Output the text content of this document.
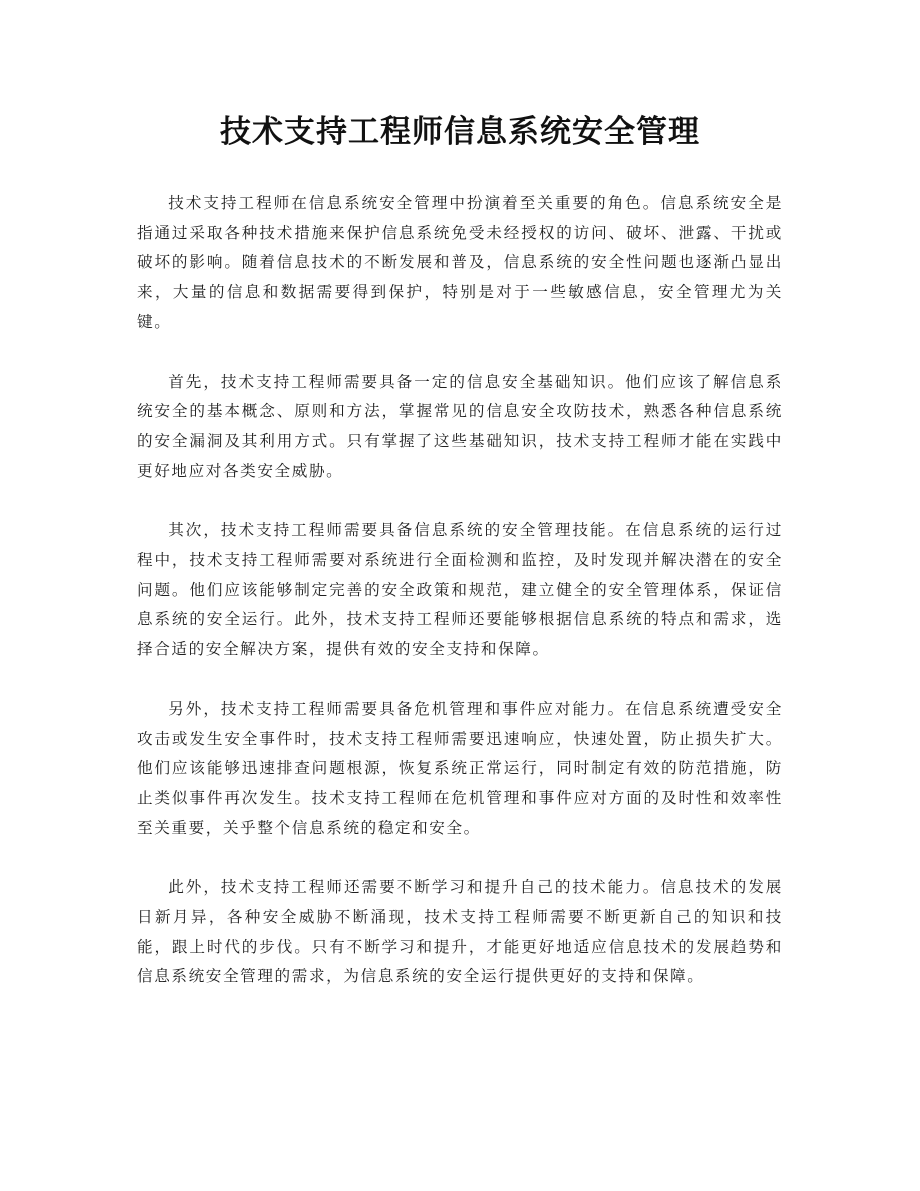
技术支持工程师信息系统安全管理

技术支持工程师在信息系统安全管理中扮演着至关重要的角色。信息系统安全是指通过采取各种技术措施来保护信息系统免受未经授权的访问、破坏、泄露、干扰或破坏的影响。随着信息技术的不断发展和普及，信息系统的安全性问题也逐渐凸显出来，大量的信息和数据需要得到保护，特别是对于一些敏感信息，安全管理尤为关键。

首先，技术支持工程师需要具备一定的信息安全基础知识。他们应该了解信息系统安全的基本概念、原则和方法，掌握常见的信息安全攻防技术，熟悉各种信息系统的安全漏洞及其利用方式。只有掌握了这些基础知识，技术支持工程师才能在实践中更好地应对各类安全威胁。

其次，技术支持工程师需要具备信息系统的安全管理技能。在信息系统的运行过程中，技术支持工程师需要对系统进行全面检测和监控，及时发现并解决潜在的安全问题。他们应该能够制定完善的安全政策和规范，建立健全的安全管理体系，保证信息系统的安全运行。此外，技术支持工程师还要能够根据信息系统的特点和需求，选择合适的安全解决方案，提供有效的安全支持和保障。

另外，技术支持工程师需要具备危机管理和事件应对能力。在信息系统遭受安全攻击或发生安全事件时，技术支持工程师需要迅速响应，快速处置，防止损失扩大。他们应该能够迅速排查问题根源，恢复系统正常运行，同时制定有效的防范措施，防止类似事件再次发生。技术支持工程师在危机管理和事件应对方面的及时性和效率性至关重要，关乎整个信息系统的稳定和安全。

此外，技术支持工程师还需要不断学习和提升自己的技术能力。信息技术的发展日新月异，各种安全威胁不断涌现，技术支持工程师需要不断更新自己的知识和技能，跟上时代的步伐。只有不断学习和提升，才能更好地适应信息技术的发展趋势和信息系统安全管理的需求，为信息系统的安全运行提供更好的支持和保障。
